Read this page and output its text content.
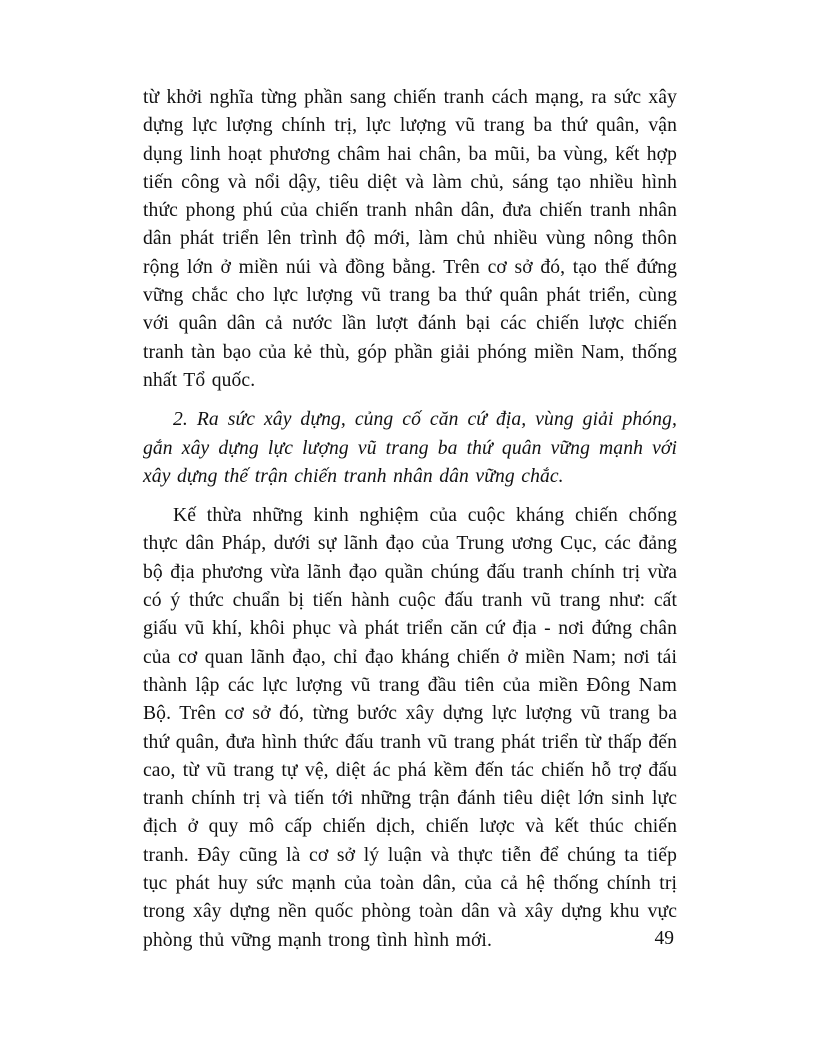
từ khởi nghĩa từng phần sang chiến tranh cách mạng, ra sức xây dựng lực lượng chính trị, lực lượng vũ trang ba thứ quân, vận dụng linh hoạt phương châm hai chân, ba mũi, ba vùng, kết hợp tiến công và nổi dậy, tiêu diệt và làm chủ, sáng tạo nhiều hình thức phong phú của chiến tranh nhân dân, đưa chiến tranh nhân dân phát triển lên trình độ mới, làm chủ nhiều vùng nông thôn rộng lớn ở miền núi và đồng bằng. Trên cơ sở đó, tạo thế đứng vững chắc cho lực lượng vũ trang ba thứ quân phát triển, cùng với quân dân cả nước lần lượt đánh bại các chiến lược chiến tranh tàn bạo của kẻ thù, góp phần giải phóng miền Nam, thống nhất Tổ quốc.

2. Ra sức xây dựng, củng cố căn cứ địa, vùng giải phóng, gắn xây dựng lực lượng vũ trang ba thứ quân vững mạnh với xây dựng thế trận chiến tranh nhân dân vững chắc.

Kế thừa những kinh nghiệm của cuộc kháng chiến chống thực dân Pháp, dưới sự lãnh đạo của Trung ương Cục, các đảng bộ địa phương vừa lãnh đạo quần chúng đấu tranh chính trị vừa có ý thức chuẩn bị tiến hành cuộc đấu tranh vũ trang như: cất giấu vũ khí, khôi phục và phát triển căn cứ địa - nơi đứng chân của cơ quan lãnh đạo, chỉ đạo kháng chiến ở miền Nam; nơi tái thành lập các lực lượng vũ trang đầu tiên của miền Đông Nam Bộ. Trên cơ sở đó, từng bước xây dựng lực lượng vũ trang ba thứ quân, đưa hình thức đấu tranh vũ trang phát triển từ thấp đến cao, từ vũ trang tự vệ, diệt ác phá kềm đến tác chiến hỗ trợ đấu tranh chính trị và tiến tới những trận đánh tiêu diệt lớn sinh lực địch ở quy mô cấp chiến dịch, chiến lược và kết thúc chiến tranh. Đây cũng là cơ sở lý luận và thực tiễn để chúng ta tiếp tục phát huy sức mạnh của toàn dân, của cả hệ thống chính trị trong xây dựng nền quốc phòng toàn dân và xây dựng khu vực phòng thủ vững mạnh trong tình hình mới.	49
